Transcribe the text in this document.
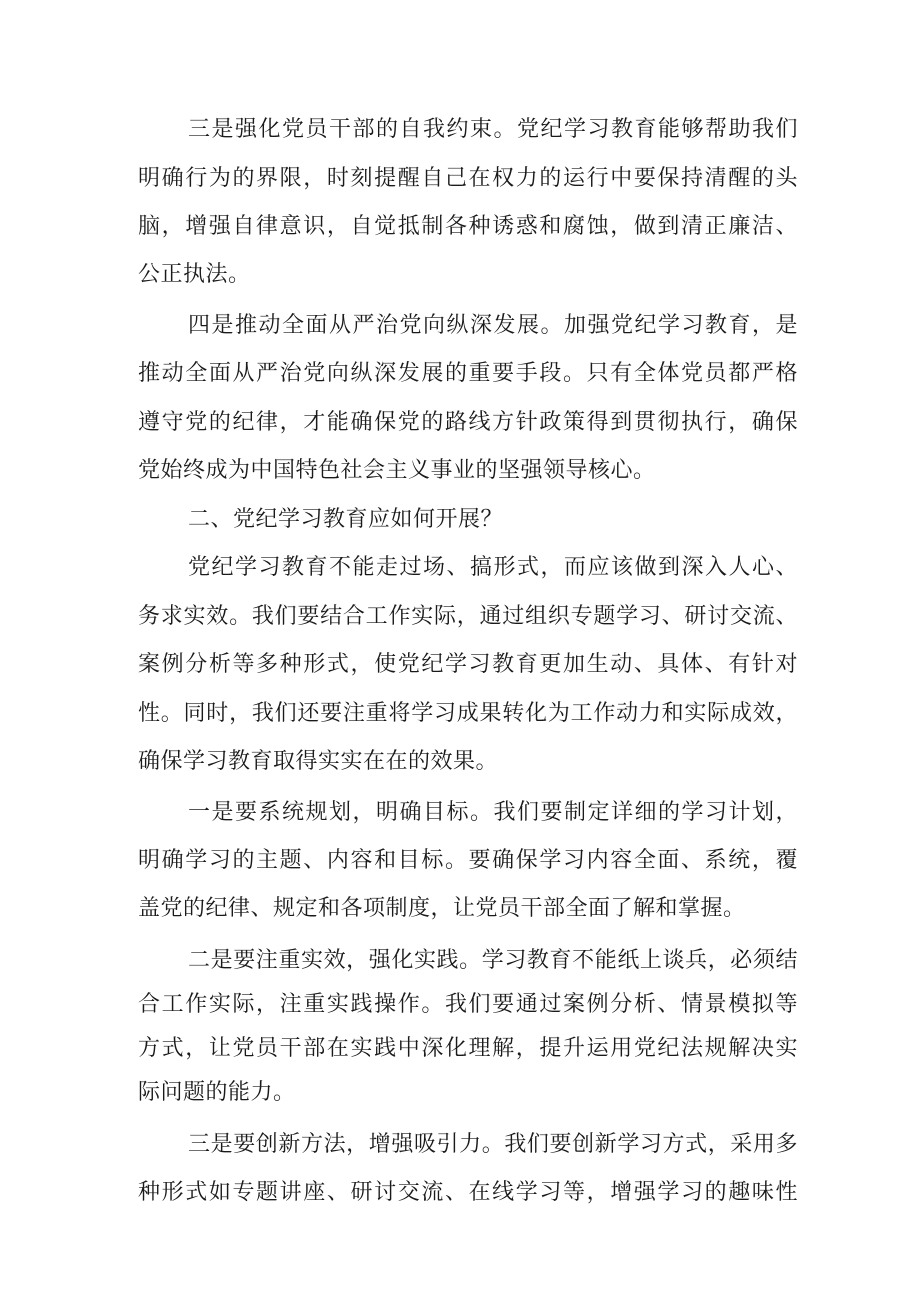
三是强化党员干部的自我约束。党纪学习教育能够帮助我们
明确行为的界限，时刻提醒自己在权力的运行中要保持清醒的头
脑，增强自律意识，自觉抵制各种诱惑和腐蚀，做到清正廉洁、
公正执法。
四是推动全面从严治党向纵深发展。加强党纪学习教育，是
推动全面从严治党向纵深发展的重要手段。只有全体党员都严格
遵守党的纪律，才能确保党的路线方针政策得到贯彻执行，确保
党始终成为中国特色社会主义事业的坚强领导核心。
二、党纪学习教育应如何开展？
党纪学习教育不能走过场、搞形式，而应该做到深入人心、
务求实效。我们要结合工作实际，通过组织专题学习、研讨交流、
案例分析等多种形式，使党纪学习教育更加生动、具体、有针对
性。同时，我们还要注重将学习成果转化为工作动力和实际成效，
确保学习教育取得实实在在的效果。
一是要系统规划，明确目标。我们要制定详细的学习计划，
明确学习的主题、内容和目标。要确保学习内容全面、系统，覆
盖党的纪律、规定和各项制度，让党员干部全面了解和掌握。
二是要注重实效，强化实践。学习教育不能纸上谈兵，必须结
合工作实际，注重实践操作。我们要通过案例分析、情景模拟等
方式，让党员干部在实践中深化理解，提升运用党纪法规解决实
际问题的能力。
三是要创新方法，增强吸引力。我们要创新学习方式，采用多
种形式如专题讲座、研讨交流、在线学习等，增强学习的趣味性
